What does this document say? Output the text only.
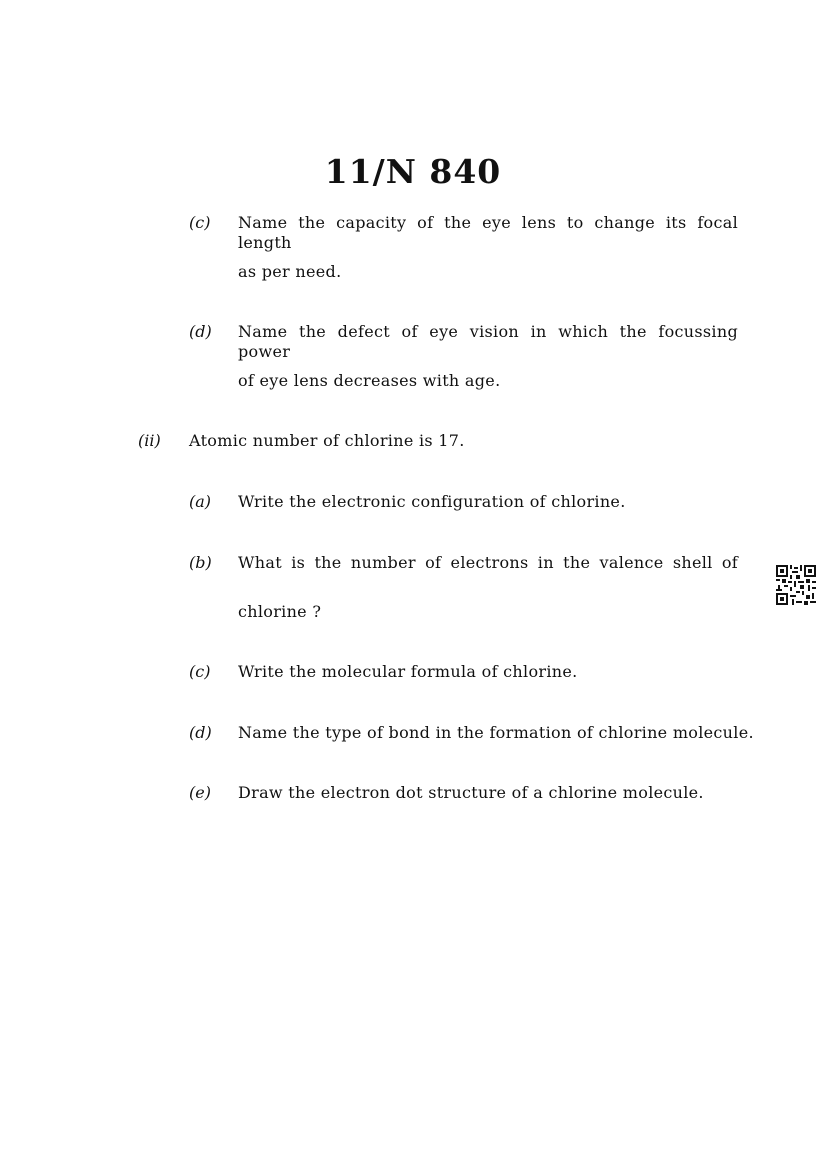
11/N 840
(c) Name the capacity of the eye lens to change its focal length
as per need.
(d) Name the defect of eye vision in which the focussing power
of eye lens decreases with age.
(ii) Atomic number of chlorine is 17.
(a) Write the electronic configuration of chlorine.
(b) What is the number of electrons in the valence shell of
chlorine ?
(c) Write the molecular formula of chlorine.
(d) Name the type of bond in the formation of chlorine molecule.
(e) Draw the electron dot structure of a chlorine molecule.
